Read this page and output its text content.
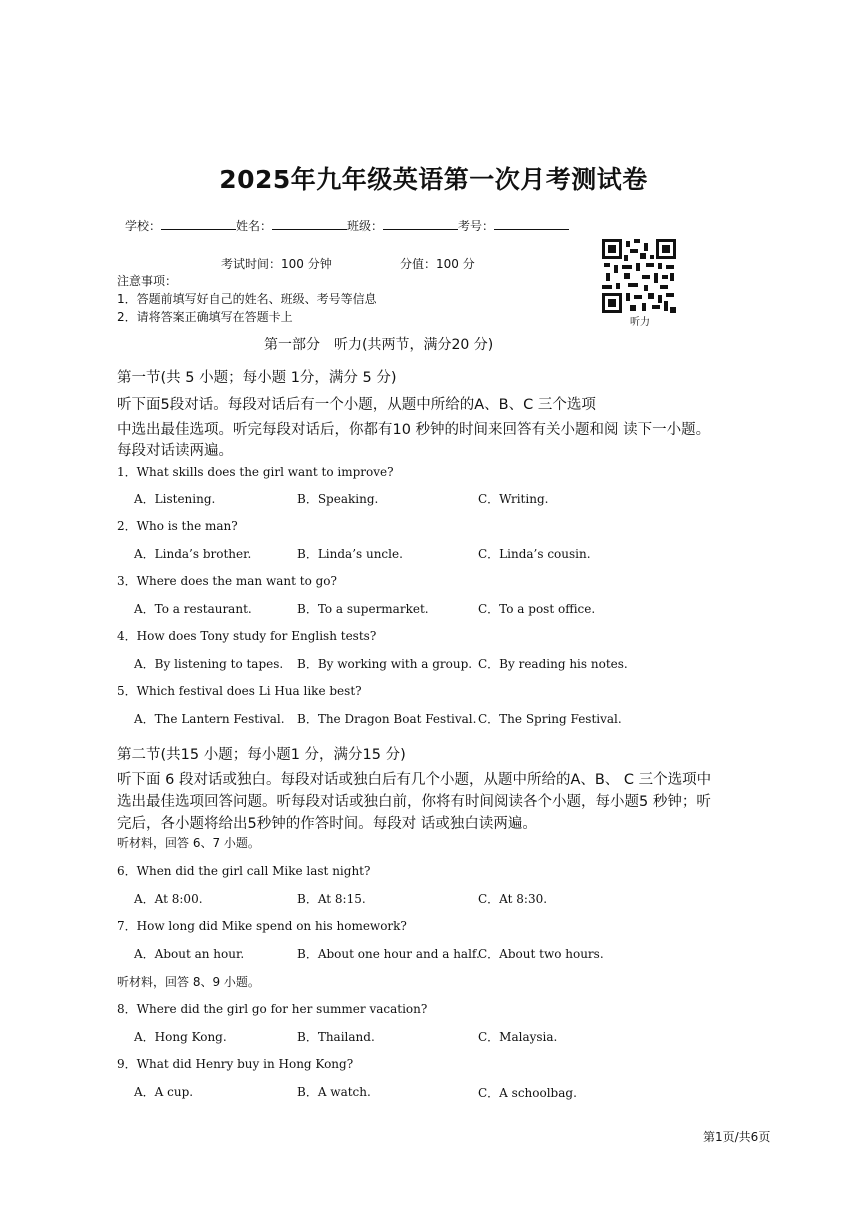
2025年九年级英语第一次月考测试卷
学校：	姓名：	班级：	考号：
考试时间：100 分钟	分值：100 分
听力
注意事项：
1．答题前填写好自己的姓名、班级、考号等信息
2．请将答案正确填写在答题卡上
第一部分　听力(共两节，满分20 分)
第一节(共 5 小题；每小题 1分，满分 5 分)
听下面5段对话。每段对话后有一个小题，从题中所给的A、B、C 三个选项
中选出最佳选项。听完每段对话后，你都有10 秒钟的时间来回答有关小题和阅 读下一小题。
每段对话读两遍。
1．What skills does the girl want to improve?
A．Listening.	B．Speaking.	C．Writing.
2．Who is the man?
A．Linda’s brother.	B．Linda’s uncle.	C．Linda’s cousin.
3．Where does the man want to go?
A．To a restaurant.	B．To a supermarket.	C．To a post office.
4．How does Tony study for English tests?
A．By listening to tapes. B．By working with a group. C．By reading his notes.
5．Which festival does Li Hua like best?
A．The Lantern Festival. B．The Dragon Boat Festival. C．The Spring Festival.
第二节(共15 小题；每小题1 分，满分15 分)
听下面 6 段对话或独白。每段对话或独白后有几个小题，从题中所给的A、B、 C 三个选项中
选出最佳选项回答问题。听每段对话或独白前，你将有时间阅读各个小题，每小题5 秒钟；听
完后，各小题将给出5秒钟的作答时间。每段对 话或独白读两遍。
听材料，回答 6、7 小题。
6．When did the girl call Mike last night?
A．At 8:00.	B．At 8:15.	C．At 8:30.
7．How long did Mike spend on his homework?
A．About an hour.	B．About one hour and a half.
C．About two hours.
听材料，回答 8、9 小题。
8．Where did the girl go for her summer vacation?
A．Hong Kong.	B．Thailand.	C．Malaysia.
9．What did Henry buy in Hong Kong?
A．A cup.	B．A watch.	C．A schoolbag.
第1页/共6页
